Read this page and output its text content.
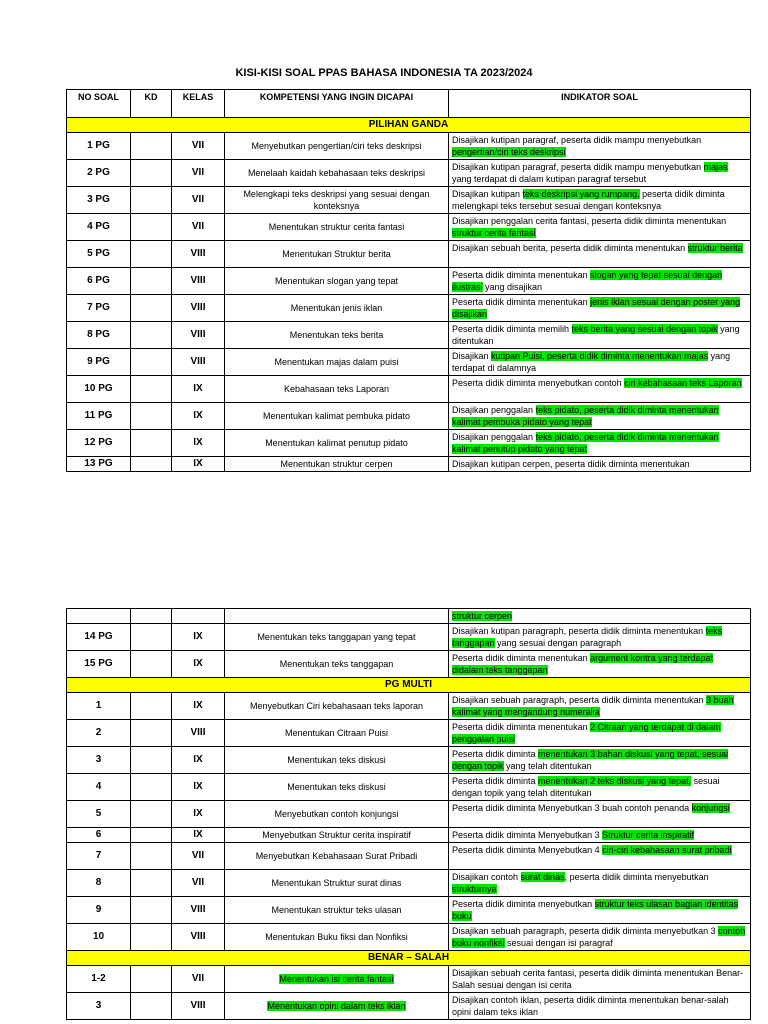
KISI-KISI SOAL PPAS BAHASA INDONESIA TA 2023/2024
NO SOAL	KD	KELAS	KOMPETENSI YANG INGIN DICAPAI	INDIKATOR SOAL
PILIHAN GANDA				
1 PG		VII	Menyebutkan pengertian/ciri teks deskripsi	Disajikan kutipan paragraf, peserta didik mampu menyebutkan pengertian/ciri teks deskripsi
2 PG		VII	Menelaah kaidah kebahasaan teks deskripsi	Disajikan kutipan paragraf, peserta didik mampu menyebutkan majas yang terdapat di dalam kutipan paragraf tersebut
3 PG		VII	Melengkapi teks deskripsi yang sesuai dengan konteksnya	Disajikan kutipan teks deskripsi yang rumpang, peserta didik diminta melengkapi teks tersebut sesuai dengan konteksnya
4 PG		VII	Menentukan struktur cerita fantasi	Disajikan penggalan cerita fantasi, peserta didik diminta menentukan struktur cerita fantasi
5 PG		VIII	Menentukan Struktur berita	Disajikan sebuah berita, peserta didik diminta menentukan struktur berita
6 PG		VIII	Menentukan slogan yang tepat	Peserta didik diminta menentukan slogan yang tepat sesuai dengan ilustrasi yang disajikan
7 PG		VIII	Menentukan jenis iklan	Peserta didik diminta menentukan jenis iklan sesuai dengan poster yang disajikan
8 PG		VIII	Menentukan teks berita	Peserta didik diminta memilih teks berita yang sesuai dengan topik yang ditentukan
9 PG		VIII	Menentukan majas dalam puisi	Disajikan kutipan Puisi, peserta didik diminta menentukan majas yang terdapat di dalamnya
10 PG		IX	Kebahasaan teks Laporan	Peserta didik diminta menyebutkan contoh ciri kebahasaan teks Laporan
11 PG		IX	Menentukan kalimat pembuka pidato	Disajikan penggalan teks pidato, peserta didik diminta menentukan kalimat pembuka pidato yang tepat
12 PG		IX	Menentukan kalimat penutup pidato	Disajikan penggalan teks pidato, peserta didik diminta menentukan kalimat penutup pidato yang tepat
13 PG		IX	Menentukan struktur cerpen	Disajikan kutipan cerpen, peserta didik diminta menentukan
				struktur cerpen
14 PG		IX	Menentukan teks tanggapan yang tepat	Disajikan kutipan paragraph, peserta didik diminta menentukan teks tanggapan yang sesuai dengan paragraph
15 PG		IX	Menentukan teks tanggapan	Peserta didik diminta menentukan argument kontra yang terdapat didalam teks tanggapan
PG MULTI				
1		IX	Menyebutkan Ciri kebahasaan teks laporan	Disajikan sebuah paragraph, peserta didik diminta menentukan 3 buah kalimat yang mengandung numeralia
2		VIII	Menentukan Citraan Puisi	Peserta didik diminta menentukan 2 Citraan yang terdapat di dalam penggalan puisi
3		IX	Menentukan teks diskusi	Peserta didik diminta menentukan 3 bahan diskusi yang tepat, sesuai dengan topik yang telah ditentukan
4		IX	Menentukan teks diskusi	Peserta didik diminta menentukan 2 teks diskusi yang tepat, sesuai dengan topik yang telah ditentukan
5		IX	Menyebutkan contoh konjungsi	Peserta didik diminta Menyebutkan 3 buah contoh penanda konjungsi
6		IX	Menyebutkan Struktur cerita inspiratif	Peserta didik diminta Menyebutkan 3 Struktur cerita inspiratif
7		VII	Menyebutkan Kebahasaan Surat Pribadi	Peserta didik diminta Menyebutkan 4 ciri-ciri kebahasaan surat pribadi
8		VII	Menentukan Struktur surat dinas	Disajikan contoh surat dinas, peserta didik diminta menyebutkan strukturnya
9		VIII	Menentukan struktur teks ulasan	Peserta didik diminta menyebutkan struktur teks ulasan bagian identitas buku
10		VIII	Menentukan Buku fiksi dan Nonfiksi	Disajikan sebuah paragraph, peserta didik diminta menyebutkan 3 contoh buku nonfiksi sesuai dengan isi paragraf
BENAR – SALAH				
1-2		VII	Menentukan isi cerita fantasi	Disajikan sebuah cerita fantasi, peserta didik diminta menentukan Benar-Salah sesuai dengan isi cerita
3		VIII	Menentukan opini dalam teks iklan	Disajikan contoh iklan, peserta didik diminta menentukan benar-salah opini dalam teks iklan
